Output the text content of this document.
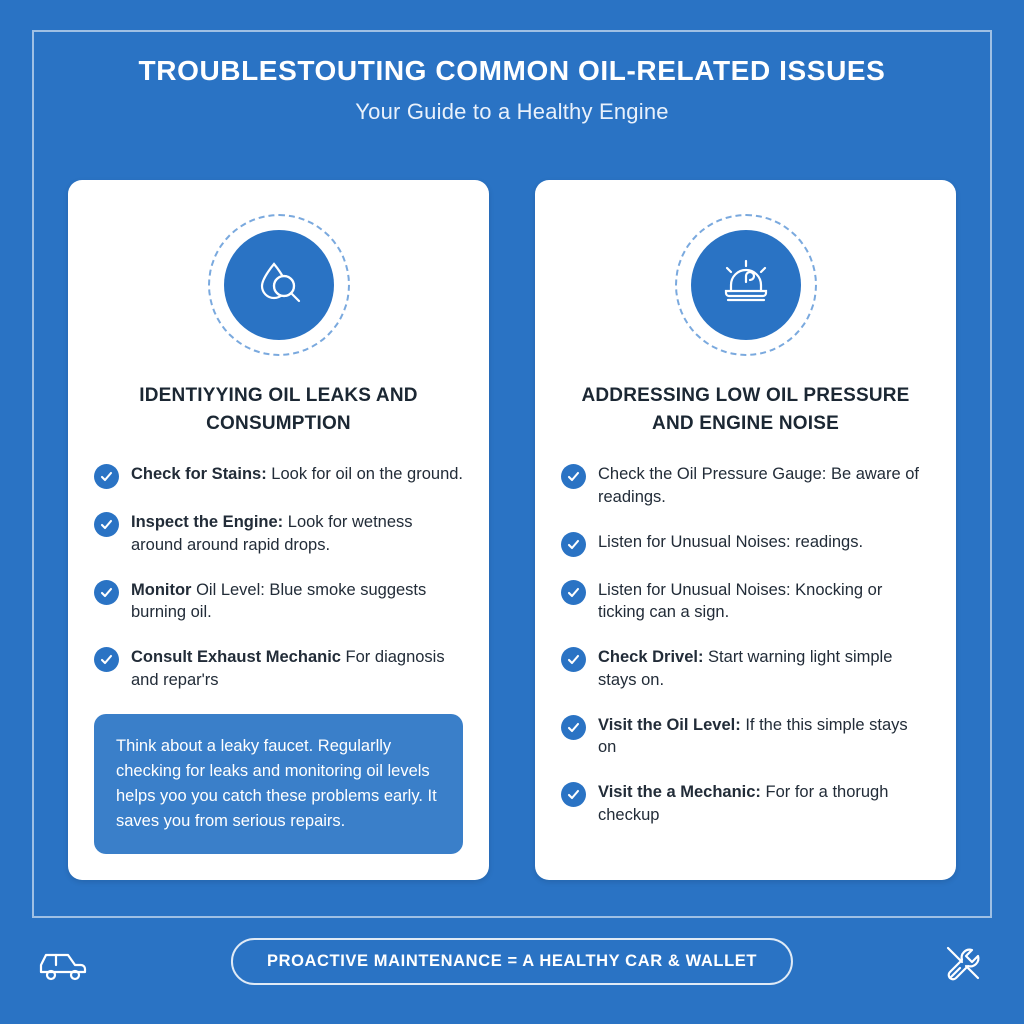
TROUBLESTOUTING COMMON OIL-RELATED ISSUES
Your Guide to a Healthy Engine
IDENTIYYING OIL LEAKS AND CONSUMPTION
Check for Stains: Look for oil on the ground.
Inspect the Engine: Look for wetness around around rapid drops.
Monitor Oil Level: Blue smoke suggests burning oil.
Consult Exhaust Mechanic For diagnosis and repar'rs
Think about a leaky faucet. Regularlly checking for leaks and monitoring oil levels helps yoo you catch these problems early. It saves you from serious repairs.
ADDRESSING LOW OIL PRESSURE AND ENGINE NOISE
Check the Oil Pressure Gauge: Be aware of readings.
Listen for Unusual Noises: readings.
Listen for Unusual Noises: Knocking or ticking can a sign.
Check Drivel: Start warning light simple stays on.
Visit the Oil Level: If the this simple stays on
Visit the a Mechanic: For for a thorugh checkup
PROACTIVE MAINTENANCE = A HEALTHY CAR & WALLET
